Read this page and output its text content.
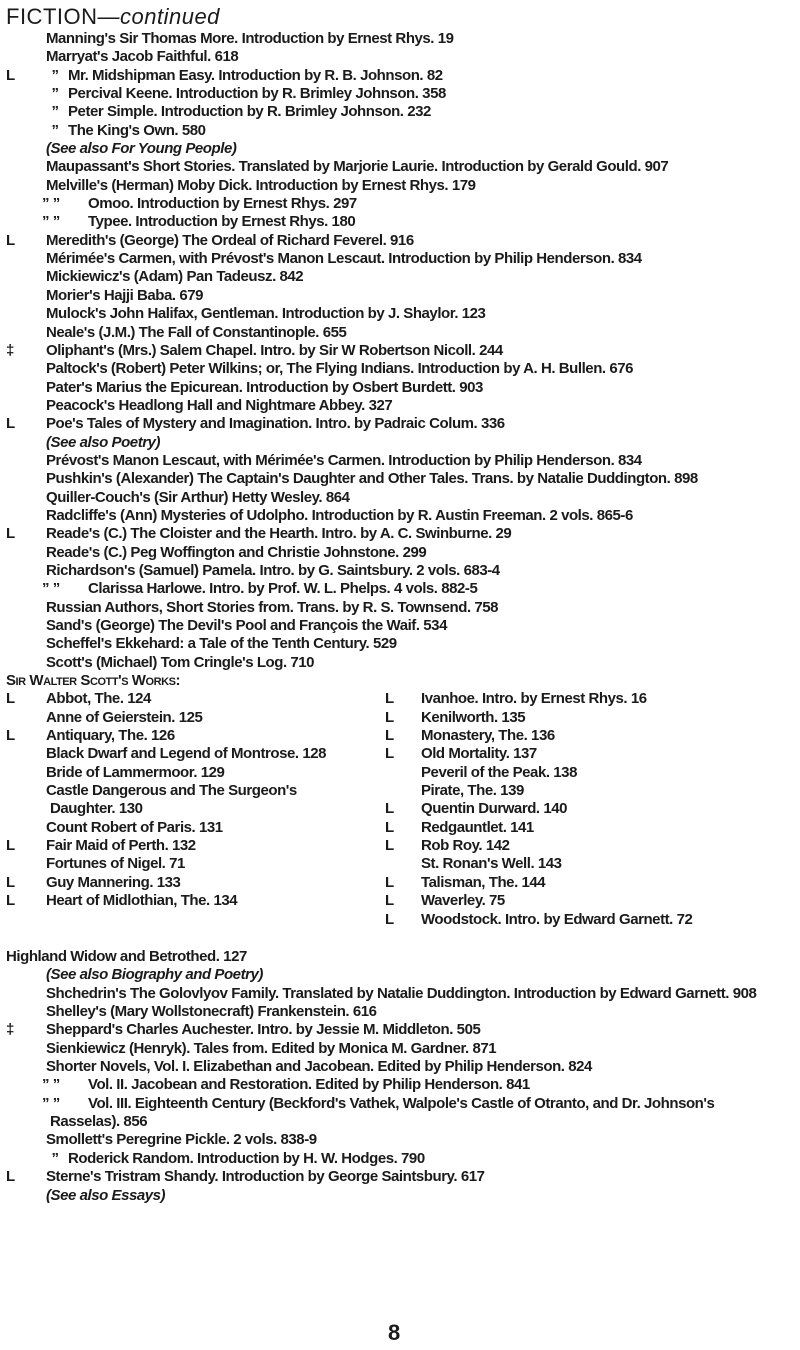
FICTION—continued
Manning's Sir Thomas More. Introduction by Ernest Rhys. 19
Marryat's Jacob Faithful. 618
L ” Mr. Midshipman Easy. Introduction by R. B. Johnson. 82
” Percival Keene. Introduction by R. Brimley Johnson. 358
” Peter Simple. Introduction by R. Brimley Johnson. 232
” The King's Own. 580
(See also For Young People)
Maupassant's Short Stories. Translated by Marjorie Laurie. Introduction by Gerald Gould. 907
Melville's (Herman) Moby Dick. Introduction by Ernest Rhys. 179
” ” Omoo. Introduction by Ernest Rhys. 297
” ” Typee. Introduction by Ernest Rhys. 180
L Meredith's (George) The Ordeal of Richard Feverel. 916
Mérimée's Carmen, with Prévost's Manon Lescaut. Introduction by Philip Henderson. 834
Mickiewicz's (Adam) Pan Tadeusz. 842
Morier's Hajji Baba. 679
Mulock's John Halifax, Gentleman. Introduction by J. Shaylor. 123
Neale's (J.M.) The Fall of Constantinople. 655
‡ Oliphant's (Mrs.) Salem Chapel. Intro. by Sir W Robertson Nicoll. 244
Paltock's (Robert) Peter Wilkins; or, The Flying Indians. Introduction by A. H. Bullen. 676
Pater's Marius the Epicurean. Introduction by Osbert Burdett. 903
Peacock's Headlong Hall and Nightmare Abbey. 327
L Poe's Tales of Mystery and Imagination. Intro. by Padraic Colum. 336
(See also Poetry)
Prévost's Manon Lescaut, with Mérimée's Carmen. Introduction by Philip Henderson. 834
Pushkin's (Alexander) The Captain's Daughter and Other Tales. Trans. by Natalie Duddington. 898
Quiller-Couch's (Sir Arthur) Hetty Wesley. 864
Radcliffe's (Ann) Mysteries of Udolpho. Introduction by R. Austin Freeman. 2 vols. 865-6
L Reade's (C.) The Cloister and the Hearth. Intro. by A. C. Swinburne. 29
Reade's (C.) Peg Woffington and Christie Johnstone. 299
Richardson's (Samuel) Pamela. Intro. by G. Saintsbury. 2 vols. 683-4
” ” Clarissa Harlowe. Intro. by Prof. W. L. Phelps. 4 vols. 882-5
Russian Authors, Short Stories from. Trans. by R. S. Townsend. 758
Sand's (George) The Devil's Pool and François the Waif. 534
Scheffel's Ekkehard: a Tale of the Tenth Century. 529
Scott's (Michael) Tom Cringle's Log. 710
Sir Walter Scott's Works:
L Abbot, The. 124
Anne of Geierstein. 125
L Antiquary, The. 126
Black Dwarf and Legend of Montrose. 128
Bride of Lammermoor. 129
Castle Dangerous and The Surgeon's Daughter. 130
Count Robert of Paris. 131
L Fair Maid of Perth. 132
Fortunes of Nigel. 71
L Guy Mannering. 133
L Heart of Midlothian, The. 134
L Ivanhoe. Intro. by Ernest Rhys. 16
L Kenilworth. 135
L Monastery, The. 136
L Old Mortality. 137
Peveril of the Peak. 138
Pirate, The. 139
L Quentin Durward. 140
L Redgauntlet. 141
L Rob Roy. 142
St. Ronan's Well. 143
L Talisman, The. 144
L Waverley. 75
L Woodstock. Intro. by Edward Garnett. 72
Highland Widow and Betrothed. 127
(See also Biography and Poetry)
Shchedrin's The Golovlyov Family. Translated by Natalie Duddington. Introduction by Edward Garnett. 908
Shelley's (Mary Wollstonecraft) Frankenstein. 616
‡ Sheppard's Charles Auchester. Intro. by Jessie M. Middleton. 505
Sienkiewicz (Henryk). Tales from. Edited by Monica M. Gardner. 871
Shorter Novels, Vol. I. Elizabethan and Jacobean. Edited by Philip Henderson. 824
” ” Vol. II. Jacobean and Restoration. Edited by Philip Henderson. 841
” ” Vol. III. Eighteenth Century (Beckford's Vathek, Walpole's Castle of Otranto, and Dr. Johnson's Rasselas). 856
Smollett's Peregrine Pickle. 2 vols. 838-9
” Roderick Random. Introduction by H. W. Hodges. 790
L Sterne's Tristram Shandy. Introduction by George Saintsbury. 617
(See also Essays)
8
